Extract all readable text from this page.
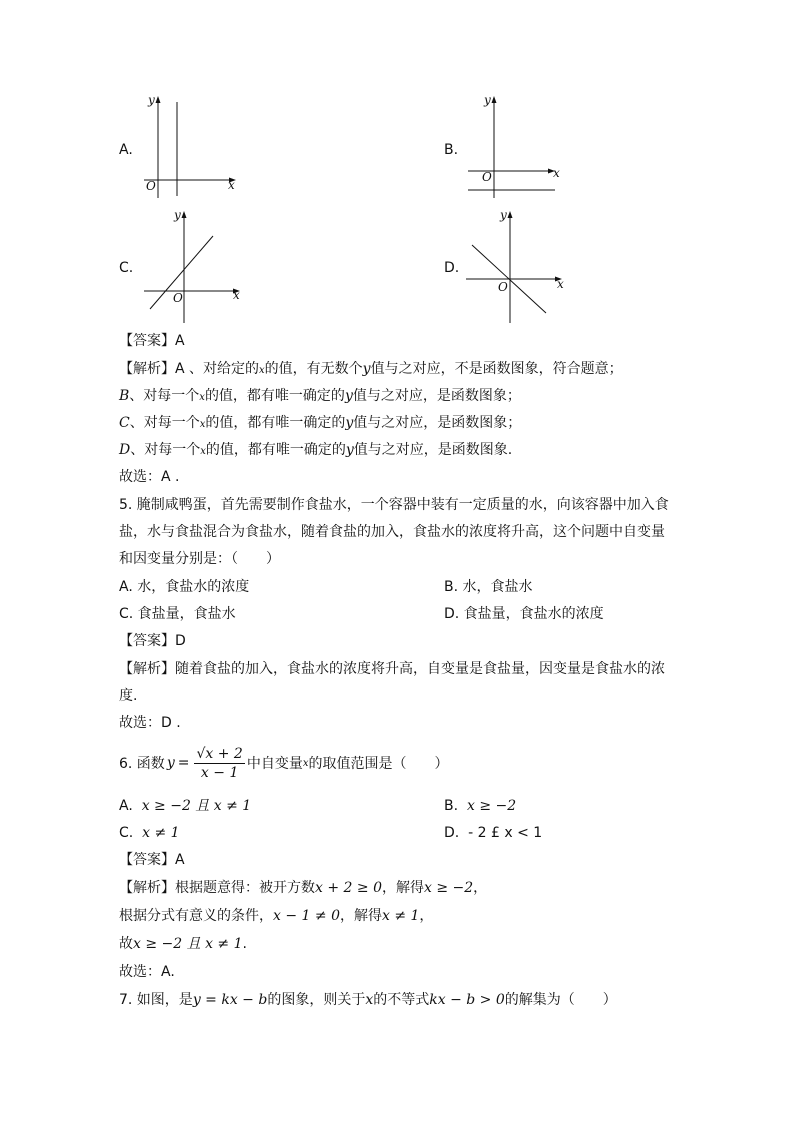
A.
y
x
O
B.
y
x
O
C.
y
x
O
D.
y
x
O
【答案】A
【解析】A 、对给定的x的值，有无数个y值与之对应，不是函数图象，符合题意；
B、对每一个x的值，都有唯一确定的y值与之对应，是函数图象；
C、对每一个x的值，都有唯一确定的y值与之对应，是函数图象；
D、对每一个x的值，都有唯一确定的y值与之对应，是函数图象.
故选：A .
5. 腌制咸鸭蛋，首先需要制作食盐水，一个容器中装有一定质量的水，向该容器中加入食
盐，水与食盐混合为食盐水，随着食盐的加入，食盐水的浓度将升高，这个问题中自变量
和因变量分别是：（　　）
A. 水，食盐水的浓度	B. 水，食盐水
C. 食盐量，食盐水	D. 食盐量，食盐水的浓度
【答案】D
【解析】随着食盐的加入，食盐水的浓度将升高，自变量是食盐量，因变量是食盐水的浓
度.
故选：D .
6. 函数 $y = \frac{√x + 2}{x - 1}$ 中自变量 x 的取值范围是（　　）
A. x ≥ −2 且 x ≠ 1	B. x ≥ −2
C. x ≠ 1	D. - 2 £ x < 1
【答案】A
【解析】根据题意得：被开方数x + 2 ≥ 0，解得x ≥ −2，
根据分式有意义的条件，x − 1 ≠ 0，解得x ≠ 1，
故x ≥ −2 且 x ≠ 1.
故选：A.
7. 如图，是y = kx − b的图象，则关于x的不等式kx − b > 0的解集为（　　）
